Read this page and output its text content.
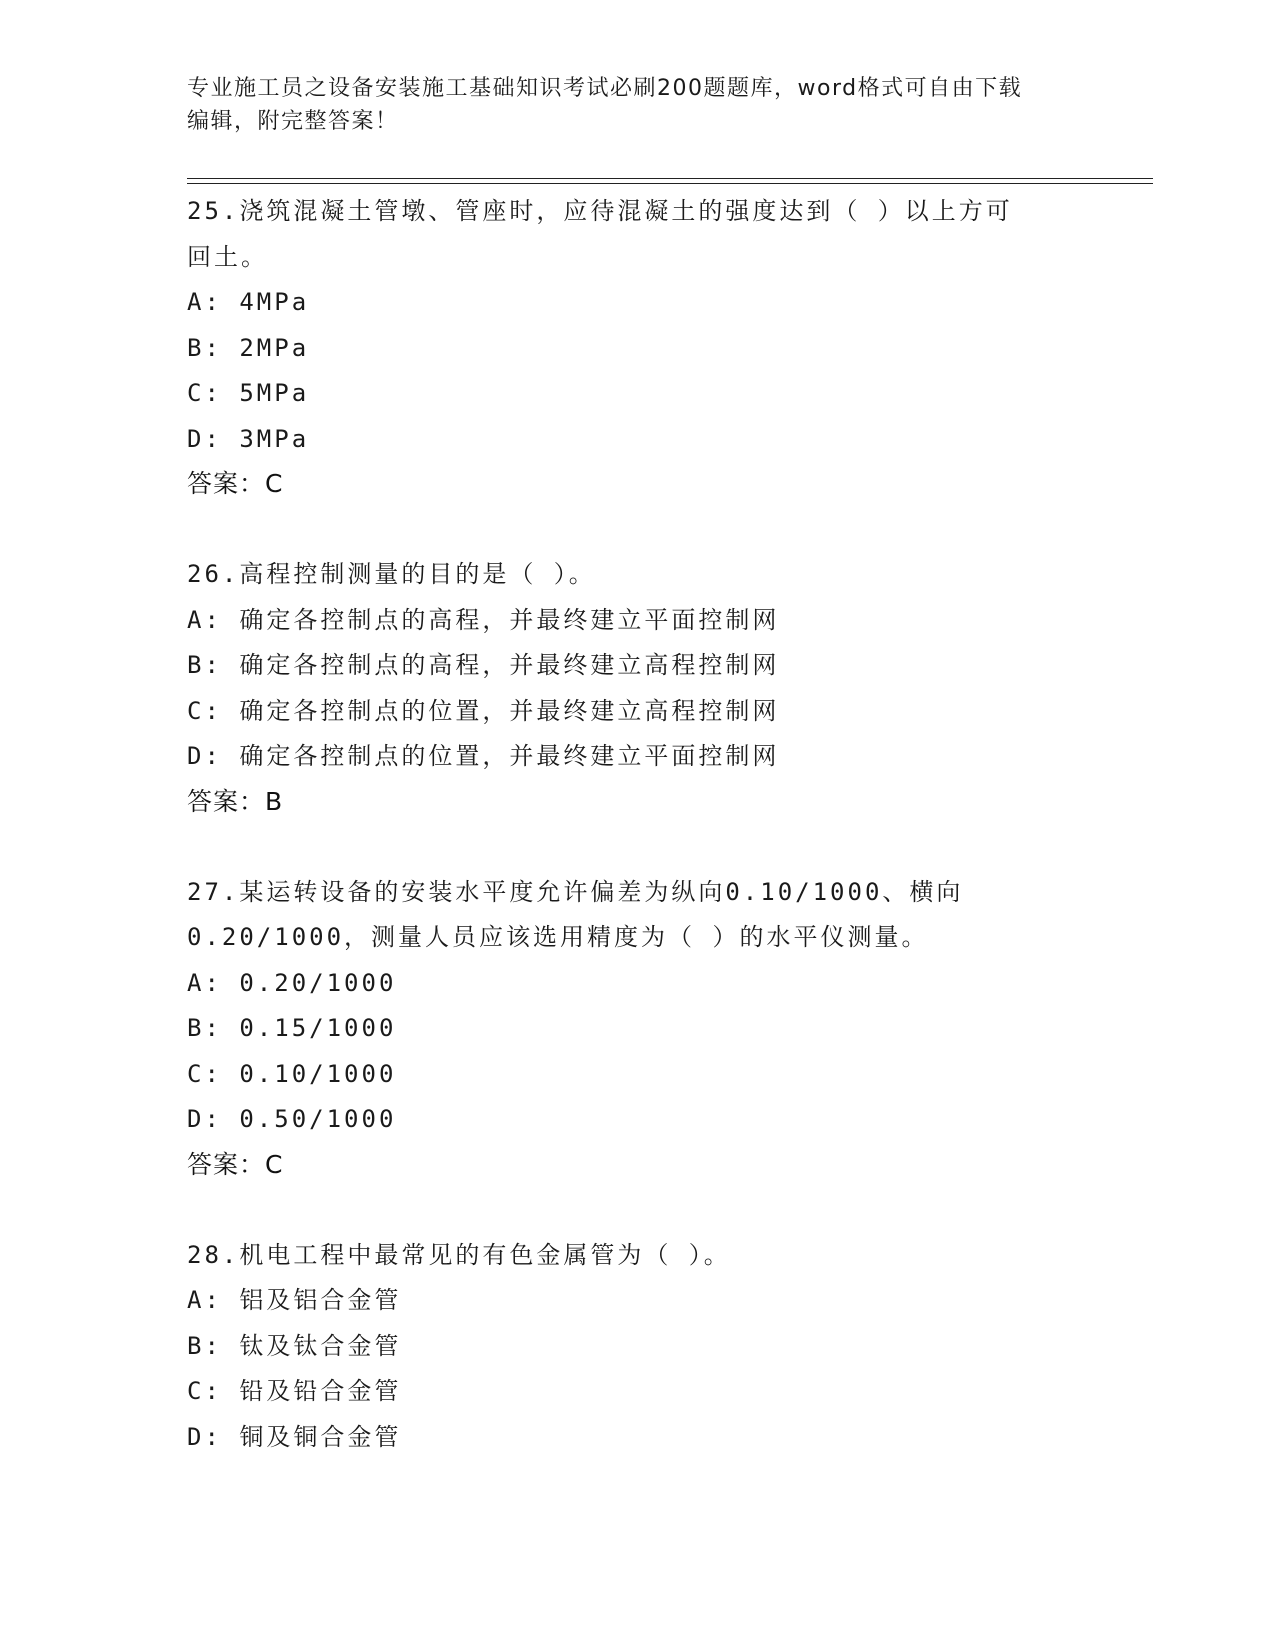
专业施工员之设备安装施工基础知识考试必刷200题题库，word格式可自由下载
编辑，附完整答案！
25.浇筑混凝土管墩、管座时，应待混凝土的强度达到（ ）以上方可
回土。
A: 4MPa
B: 2MPa
C: 5MPa
D: 3MPa
答案：C
26.高程控制测量的目的是（ ）。
A: 确定各控制点的高程，并最终建立平面控制网
B: 确定各控制点的高程，并最终建立高程控制网
C: 确定各控制点的位置，并最终建立高程控制网
D: 确定各控制点的位置，并最终建立平面控制网
答案：B
27.某运转设备的安装水平度允许偏差为纵向0.10/1000、横向
0.20/1000，测量人员应该选用精度为（ ）的水平仪测量。
A: 0.20/1000
B: 0.15/1000
C: 0.10/1000
D: 0.50/1000
答案：C
28.机电工程中最常见的有色金属管为（ ）。
A: 铝及铝合金管
B: 钛及钛合金管
C: 铅及铅合金管
D: 铜及铜合金管
